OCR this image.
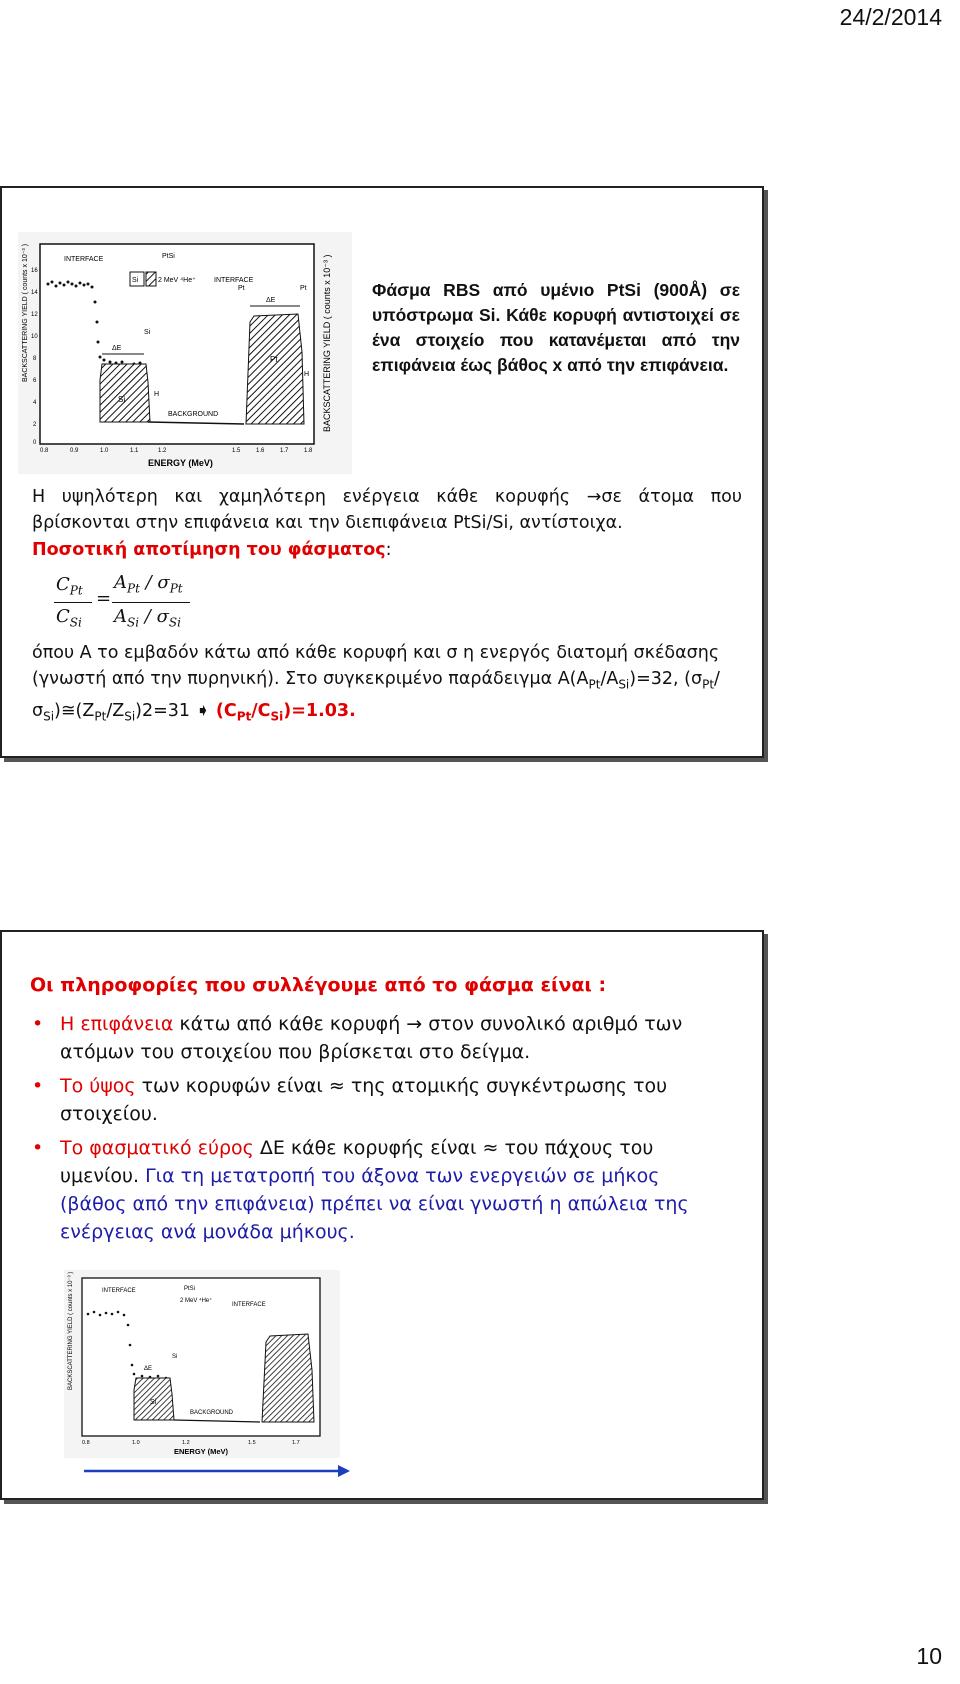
24/2/2014
BACKSCATTERING YIELD ( counts x 10⁻³ )	BACKSCATTERING YIELD ( counts x 10⁻³ )
INTERFACE	PtSi
Si	2 MeV ⁴He⁺	INTERFACE
Pt	Pt
ΔE
ΔE
Si
Si
Pt
H
H
BACKGROUND
0.8	0.9	1.0	1.1	1.2	1.5	1.6	1.7	1.8
16
14
12
10
8
6
4
2
0
ENERGY (MeV)
Φάσμα RBS από υμένιο PtSi (900Å) σε υπόστρωμα Si. Κάθε κορυφή αντιστοιχεί σε ένα στοιχείο που κατανέμεται από την επιφάνεια έως βάθος x από την επιφάνεια.
Η υψηλότερη και χαμηλότερη ενέργεια κάθε κορυφής →σε άτομα που βρίσκονται στην επιφάνεια και την διεπιφάνεια PtSi/Si, αντίστοιχα.
Ποσοτική αποτίμηση του φάσματος:
$C_{Pt}$
$C_{Si}$
=
$A_{Pt} / \sigma_{Pt}$
$A_{Si} / \sigma_{Si}$
όπου Α το εμβαδόν κάτω από κάθε κορυφή και σ η ενεργός διατομή σκέδασης (γνωστή από την πυρηνική). Στο συγκεκριμένο παράδειγμα $A(A_{Pt}/A_{Si})=32$, $(\sigma_{Pt}/\sigma_{Si})≅(Z_{Pt}/Z_{Si})2=31$ ➧ $(C_{Pt}/C_{Si})=1.03$.
Οι πληροφορίες που συλλέγουμε από το φάσμα είναι :
• Η επιφάνεια κάτω από κάθε κορυφή → στον συνολικό αριθμό των ατόμων του στοιχείου που βρίσκεται στο δείγμα.
• Το ύψος των κορυφών είναι ≈ της ατομικής συγκέντρωσης του στοιχείου.
• Το φασματικό εύρος ΔΕ κάθε κορυφής είναι ≈ του πάχους του υμενίου. Για τη μετατροπή του άξονα των ενεργειών σε μήκος (βάθος από την επιφάνεια) πρέπει να είναι γνωστή η απώλεια της ενέργειας ανά μονάδα μήκους.
BACKSCATTERING YIELD ( counts x 10⁻³ )	INTERFACE	PtSi
2 MeV ⁴He⁺
INTERFACE
ΔE
Si
Si
BACKGROUND
0.8	1.0	1.2	1.5	1.7
ENERGY (MeV)
10
